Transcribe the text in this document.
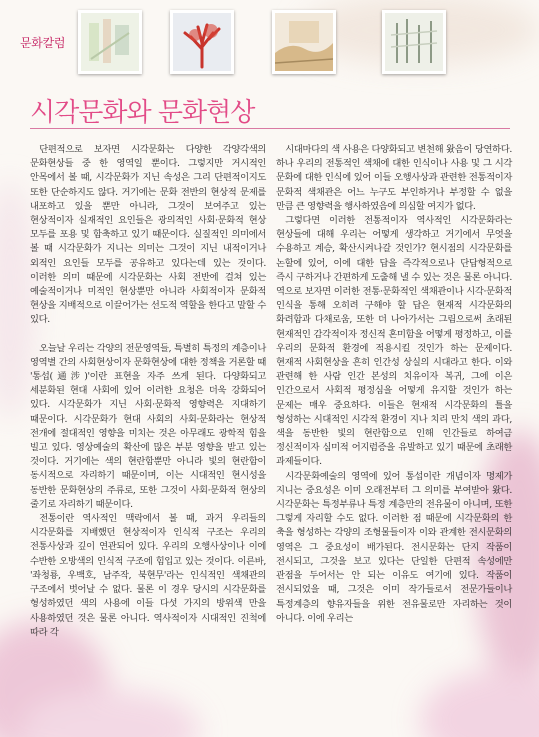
문화칼럼
시각문화와 문화현상

단편적으로 보자면 시각문화는 다양한 각양각색의 문화현상들 중 한 영역일 뿐이다. 그렇지만 거시적인 안목에서 볼 때, 시각문화가 지닌 속성은 그리 단편적이지도 또한 단순하지도 않다. 거기에는 문화 전반의 현상적 문제를 내포하고 있을 뿐만 아니라, 그것이 보여주고 있는 현상적이자 실재적인 요인들은 광의적인 사회·문화적 현상 모두를 포용 및 함축하고 있기 때문이다. 실질적인 의미에서 볼 때 시각문화가 지니는 의미는 그것이 지닌 내적이거나 외적인 요인들 모두를 공유하고 있다는데 있는 것이다. 이러한 의미 때문에 시각문화는 사회 전반에 걸쳐 있는 예술적이거나 미적인 현상뿐만 아니라 사회적이자 문화적 현상을 지배적으로 이끌어가는 선도적 역할을 한다고 말할 수 있다.

오늘날 우리는 각양의 전문영역들, 특별히 특정의 계층이나 영역별 간의 사회현상이자 문화현상에 대한 정책을 거론할 때 '통섭(通涉)'이란 표현을 자주 쓰게 된다. 다양화되고 세분화된 현대 사회에 있어 이러한 요청은 더욱 강화되어 있다. 시각문화가 지닌 사회·문화적 영향력은 지대하기 때문이다. 시각문화가 현대 사회의 사회·문화라는 현상적 전개에 절대적인 영향을 미치는 것은 아무래도 광학적 힘을 빌고 있다. 영상예술의 확산에 많은 부분 영향을 받고 있는 것이다. 거기에는 색의 현란함뿐만 아니라 빛의 현란함이 동시적으로 자리하기 때문이며, 이는 시대적인 현시성을 동반한 문화현상의 주류로, 또한 그것이 사회·문화적 현상의 줄기로 자리하기 때문이다.

전통이란 역사적인 맥락에서 볼 때, 과거 우리들의 시각문화를 지배했던 현상적이자 인식적 구조는 우리의 전통사상과 깊이 연관되어 있다. 우리의 오행사상이나 이에 수반한 오방색의 인식적 구조에 힘입고 있는 것이다. 이른바, '좌청룡, 우백호, 남주작, 북현무'라는 인식적인 색채관의 구조에서 벗어날 수 없다. 물론 이 경우 당시의 시각문화를 형성하였던 색의 사용에 이들 다섯 가지의 방위색 만을 사용하였던 것은 물론 아니다. 역사적이자 시대적인 진척에 따라 각

시대마다의 색 사용은 다양화되고 변천해 왔음이 당연하다. 하나 우리의 전통적인 색채에 대한 인식이나 사용 및 그 시각 문화에 대한 인식에 있어 이들 오행사상과 관련한 전통적이자 문화적 색채관은 어느 누구도 부인하거나 부정할 수 없을 만큼 큰 영향력을 행사하였음에 의심할 여지가 없다.

그렇다면 이러한 전통적이자 역사적인 시각문화라는 현상들에 대해 우리는 어떻게 생각하고 거기에서 무엇을 수용하고 계승, 확산시켜나갈 것인가? 현시점의 시각문화를 논할에 있어, 이에 대한 답을 즉각적으로나 단답형적으로 즉시 구하거나 간편하게 도출해 낼 수 있는 것은 물론 아니다. 역으로 보자면 이러한 전통·문화적인 색채관이나 시각·문화적 인식을 통해 오히려 구해야 할 답은 현재적 시각문화의 화려함과 다채로움, 또한 더 나아가서는 그림으로써 초래된 현재적인 감각적이자 정신적 혼미함을 어떻게 평정하고, 이를 우리의 문화적 환경에 적용시킬 것인가 하는 문제이다. 현재적 사회현상을 흔히 인간성 상실의 시대라고 한다. 이와 관련해 한 사람 인간 본성의 치유이자 복귀, 그에 이은 인간으로서 사회적 평정심을 어떻게 유지할 것인가 하는 문제는 매우 중요하다. 이들은 현재적 시각문화의 틀을 형성하는 시대적인 시각적 환경이 지나 치리 만치 색의 과다, 색을 동반한 빛의 현란함으로 인해 인간들로 하여금 정신적이자 심미적 어지럼증을 유발하고 있기 때문에 초래한 과제들이다.

시각문화예술의 영역에 있어 통섭이란 개념이자 명제가 지니는 중요성은 이미 오래전부터 그 의미를 부여받아 왔다. 시각문화는 특정부류나 특정 계층만의 전유물이 아니며, 또한 그렇게 자리할 수도 없다. 이러한 점 때문에 시각문화의 한 축을 형성하는 각양의 조형물들이자 이와 관계한 전시문화의 영역은 그 중요성이 배가된다. 전시문화는 단지 작품이 전시되고, 그것을 보고 있다는 단일한 단편적 속성에만 관점을 두어서는 안 되는 이유도 여기에 있다. 작품이 전시되었을 때, 그것은 이미 작가들로서 전문가들이나 특정계층의 향유자들을 위한 전유물로만 자리하는 것이 아니다. 이에 우리는
